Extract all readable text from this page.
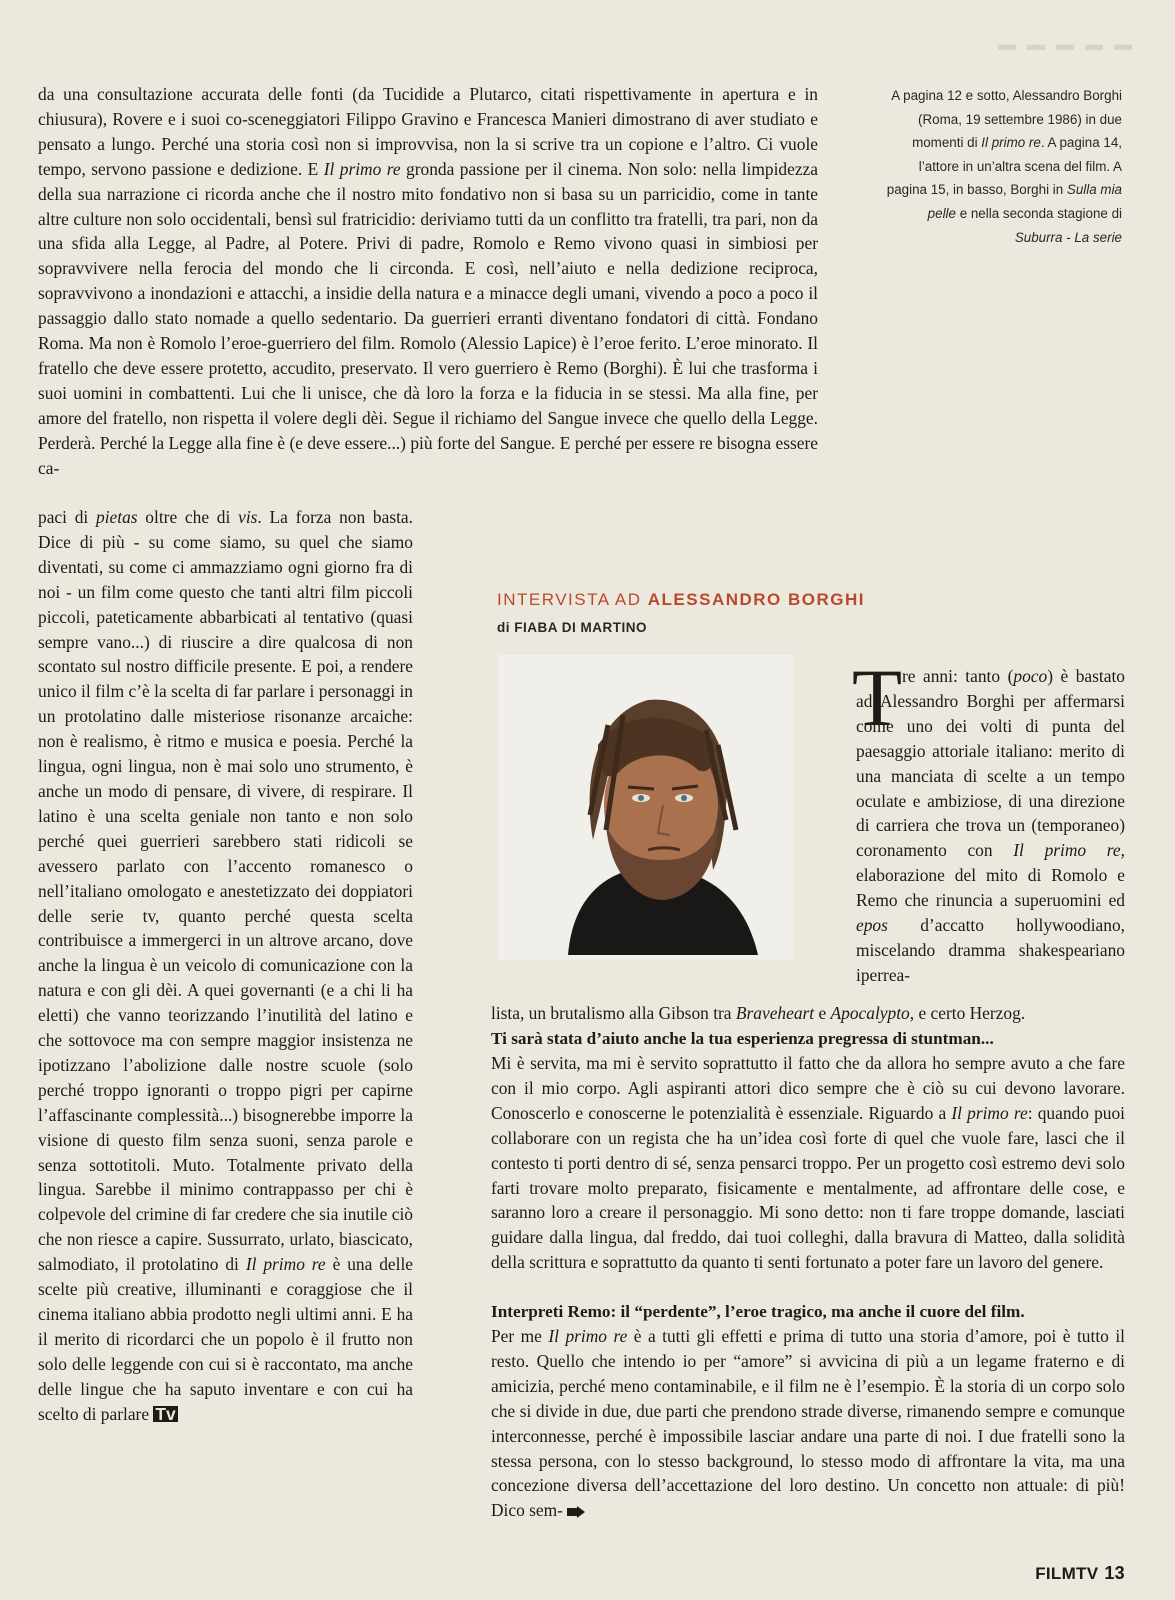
▬ ▬ ▬ ▬ ▬

da una consultazione accurata delle fonti (da Tucidide a Plutarco, citati rispettivamente in apertura e in chiusura), Rovere e i suoi co-sceneggiatori Filippo Gravino e Francesca Manieri dimostrano di aver studiato e pensato a lungo. Perché una storia così non si improvvisa, non la si scrive tra un copione e l’altro. Ci vuole tempo, servono passione e dedizione. E Il primo re gronda passione per il cinema. Non solo: nella limpidezza della sua narrazione ci ricorda anche che il nostro mito fondativo non si basa su un parricidio, come in tante altre culture non solo occidentali, bensì sul fratricidio: deriviamo tutti da un conflitto tra fratelli, tra pari, non da una sfida alla Legge, al Padre, al Potere. Privi di padre, Romolo e Remo vivono quasi in simbiosi per sopravvivere nella ferocia del mondo che li circonda. E così, nell’aiuto e nella dedizione reciproca, sopravvivono a inondazioni e attacchi, a insidie della natura e a minacce degli umani, vivendo a poco a poco il passaggio dallo stato nomade a quello sedentario. Da guerrieri erranti diventano fondatori di città. Fondano Roma. Ma non è Romolo l’eroe-guerriero del film. Romolo (Alessio Lapice) è l’eroe ferito. L’eroe minorato. Il fratello che deve essere protetto, accudito, preservato. Il vero guerriero è Remo (Borghi). È lui che trasforma i suoi uomini in combattenti. Lui che li unisce, che dà loro la forza e la fiducia in se stessi. Ma alla fine, per amore del fratello, non rispetta il volere degli dèi. Segue il richiamo del Sangue invece che quello della Legge. Perderà. Perché la Legge alla fine è (e deve essere...) più forte del Sangue. E perché per essere re bisogna essere ca-

A pagina 12 e sotto, Alessandro Borghi (Roma, 19 settembre 1986) in due momenti di Il primo re. A pagina 14, l’attore in un’altra scena del film. A pagina 15, in basso, Borghi in Sulla mia pelle e nella seconda stagione di Suburra - La serie

paci di pietas oltre che di vis. La forza non basta. Dice di più - su come siamo, su quel che siamo diventati, su come ci ammazziamo ogni giorno fra di noi - un film come questo che tanti altri film piccoli piccoli, pateticamente abbarbicati al tentativo (quasi sempre vano...) di riuscire a dire qualcosa di non scontato sul nostro difficile presente. E poi, a rendere unico il film c’è la scelta di far parlare i personaggi in un protolatino dalle misteriose risonanze arcaiche: non è realismo, è ritmo e musica e poesia. Perché la lingua, ogni lingua, non è mai solo uno strumento, è anche un modo di pensare, di vivere, di respirare. Il latino è una scelta geniale non tanto e non solo perché quei guerrieri sarebbero stati ridicoli se avessero parlato con l’accento romanesco o nell’italiano omologato e anestetizzato dei doppiatori delle serie tv, quanto perché questa scelta contribuisce a immergerci in un altrove arcano, dove anche la lingua è un veicolo di comunicazione con la natura e con gli dèi. A quei governanti (e a chi li ha eletti) che vanno teorizzando l’inutilità del latino e che sottovoce ma con sempre maggior insistenza ne ipotizzano l’abolizione dalle nostre scuole (solo perché troppo ignoranti o troppo pigri per capirne l’affascinante complessità...) bisognerebbe imporre la visione di questo film senza suoni, senza parole e senza sottotitoli. Muto. Totalmente privato della lingua. Sarebbe il minimo contrappasso per chi è colpevole del crimine di far credere che sia inutile ciò che non riesce a capire. Sussurrato, urlato, biascicato, salmodiato, il protolatino di Il primo re è una delle scelte più creative, illuminanti e coraggiose che il cinema italiano abbia prodotto negli ultimi anni. E ha il merito di ricordarci che un popolo è il frutto non solo delle leggende con cui si è raccontato, ma anche delle lingue che ha saputo inventare e con cui ha scelto di parlare Tv

INTERVISTA AD ALESSANDRO BORGHI
di FIABA DI MARTINO
T re anni: tanto (poco) è bastato ad Alessandro Borghi per affermarsi come uno dei volti di punta del paesaggio attoriale italiano: merito di una manciata di scelte a un tempo oculate e ambiziose, di una direzione di carriera che trova un (temporaneo) coronamento con Il primo re, elaborazione del mito di Romolo e Remo che rinuncia a superuomini ed epos d’accatto hollywoodiano, miscelando dramma shakespeariano iperrea-

lista, un brutalismo alla Gibson tra Braveheart e Apocalypto, e certo Herzog.

Ti sarà stata d’aiuto anche la tua esperienza pregressa di stuntman...

Mi è servita, ma mi è servito soprattutto il fatto che da allora ho sempre avuto a che fare con il mio corpo. Agli aspiranti attori dico sempre che è ciò su cui devono lavorare. Conoscerlo e conoscerne le potenzialità è essenziale. Riguardo a Il primo re: quando puoi collaborare con un regista che ha un’idea così forte di quel che vuole fare, lasci che il contesto ti porti dentro di sé, senza pensarci troppo. Per un progetto così estremo devi solo farti trovare molto preparato, fisicamente e mentalmente, ad affrontare delle cose, e saranno loro a creare il personaggio. Mi sono detto: non ti fare troppe domande, lasciati guidare dalla lingua, dal freddo, dai tuoi colleghi, dalla bravura di Matteo, dalla solidità della scrittura e soprattutto da quanto ti senti fortunato a poter fare un lavoro del genere.

Interpreti Remo: il “perdente”, l’eroe tragico, ma anche il cuore del film.

Per me Il primo re è a tutti gli effetti e prima di tutto una storia d’amore, poi è tutto il resto. Quello che intendo io per “amore” si avvicina di più a un legame fraterno e di amicizia, perché meno contaminabile, e il film ne è l’esempio. È la storia di un corpo solo che si divide in due, due parti che prendono strade diverse, rimanendo sempre e comunque interconnesse, perché è impossibile lasciar andare una parte di noi. I due fratelli sono la stessa persona, con lo stesso background, lo stesso modo di affrontare la vita, ma una concezione diversa dell’accettazione del loro destino. Un concetto non attuale: di più! Dico sem-

FILMTV 13
